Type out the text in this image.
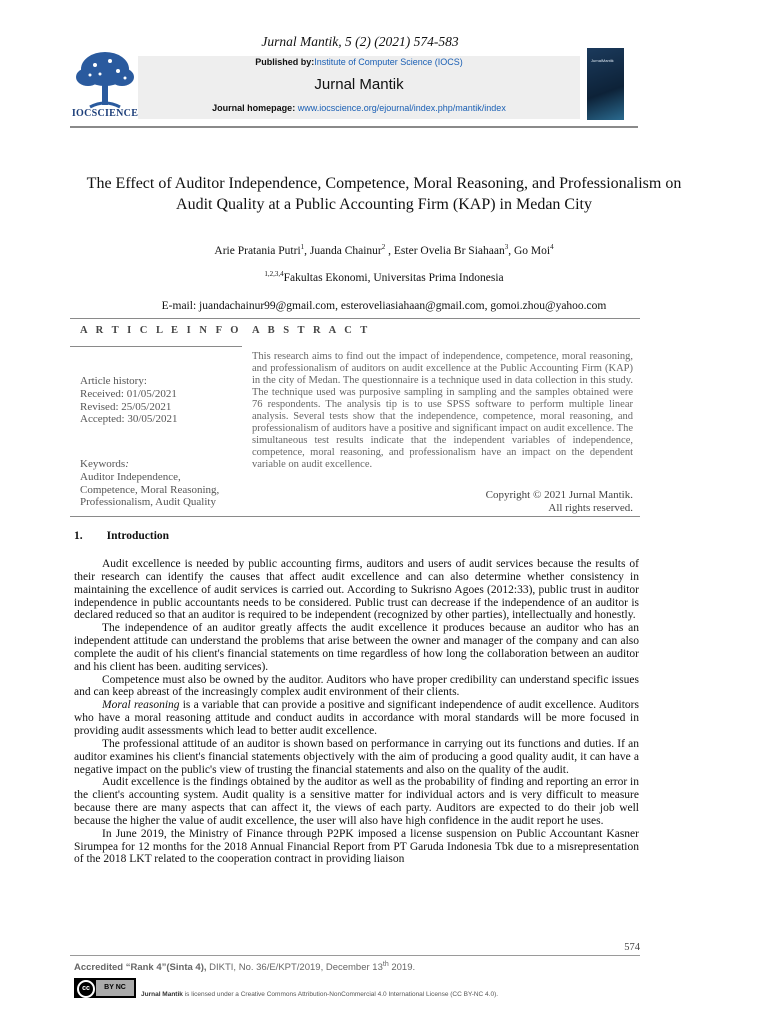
Jurnal Mantik, 5 (2) (2021) 574-583
Published by:Institute of Computer Science (IOCS)
Jurnal Mantik
Journal homepage: www.iocscience.org/ejournal/index.php/mantik/index
IOCSCIENCE
JurnalMantik
The Effect of Auditor Independence, Competence, Moral Reasoning, and Professionalism on Audit Quality at a Public Accounting Firm (KAP) in Medan City
Arie Pratania Putri$^1$, Juanda Chainur$^2$ , Ester Ovelia Br Siahaan$^3$, Go Moi$^4$
$^{1,2,3,4}$Fakultas Ekonomi, Universitas Prima Indonesia
E-mail: juandachainur99@gmail.com, esteroveliasiahaan@gmail.com, gomoi.zhou@yahoo.com
A R T I C L E I N F O A B S T R A C T
Article history:
Received: 01/05/2021
Revised: 25/05/2021
Accepted: 30/05/2021
Keywords:
Auditor Independence,
Competence, Moral Reasoning,
Professionalism, Audit Quality
This research aims to find out the impact of independence, competence, moral reasoning, and professionalism of auditors on audit excellence at the Public Accounting Firm (KAP) in the city of Medan. The questionnaire is a technique used in data collection in this study. The technique used was purposive sampling in sampling and the samples obtained were 76 respondents. The analysis tip is to use SPSS software to perform multiple linear analysis. Several tests show that the independence, competence, moral reasoning, and professionalism of auditors have a positive and significant impact on audit excellence. The simultaneous test results indicate that the independent variables of independence, competence, moral reasoning, and professionalism have an impact on the dependent variable on audit excellence.
Copyright © 2021 Jurnal Mantik.
All rights reserved.
1. Introduction

Audit excellence is needed by public accounting firms, auditors and users of audit services because the results of their research can identify the causes that affect audit excellence and can also determine whether consistency in maintaining the excellence of audit services is carried out. According to Sukrisno Agoes (2012:33), public trust in auditor independence in public accountants needs to be considered. Public trust can decrease if the independence of an auditor is declared reduced so that an auditor is required to be independent (recognized by other parties), intellectually and honestly.

The independence of an auditor greatly affects the audit excellence it produces because an auditor who has an independent attitude can understand the problems that arise between the owner and manager of the company and can also complete the audit of his client's financial statements on time regardless of how long the collaboration between an auditor and his client has been. auditing services).

Competence must also be owned by the auditor. Auditors who have proper credibility can understand specific issues and can keep abreast of the increasingly complex audit environment of their clients.

Moral reasoning is a variable that can provide a positive and significant independence of audit excellence. Auditors who have a moral reasoning attitude and conduct audits in accordance with moral standards will be more focused in providing audit assessments which lead to better audit excellence.

The professional attitude of an auditor is shown based on performance in carrying out its functions and duties. If an auditor examines his client's financial statements objectively with the aim of producing a good quality audit, it can have a negative impact on the public's view of trusting the financial statements and also on the quality of the audit.

Audit excellence is the findings obtained by the auditor as well as the probability of finding and reporting an error in the client's accounting system. Audit quality is a sensitive matter for individual actors and is very difficult to measure because there are many aspects that can affect it, the views of each party. Auditors are expected to do their job well because the higher the value of audit excellence, the user will also have high confidence in the audit report he uses.

In June 2019, the Ministry of Finance through P2PK imposed a license suspension on Public Accountant Kasner Sirumpea for 12 months for the 2018 Annual Financial Report from PT Garuda Indonesia Tbk due to a misrepresentation of the 2018 LKT related to the cooperation contract in providing liaison

574
Accredited “Rank 4”(Sinta 4), DIKTI, No. 36/E/KPT/2019, December 13th 2019.
cc	BY NC
Jurnal Mantik is licensed under a Creative Commons Attribution-NonCommercial 4.0 International License (CC BY-NC 4.0).
